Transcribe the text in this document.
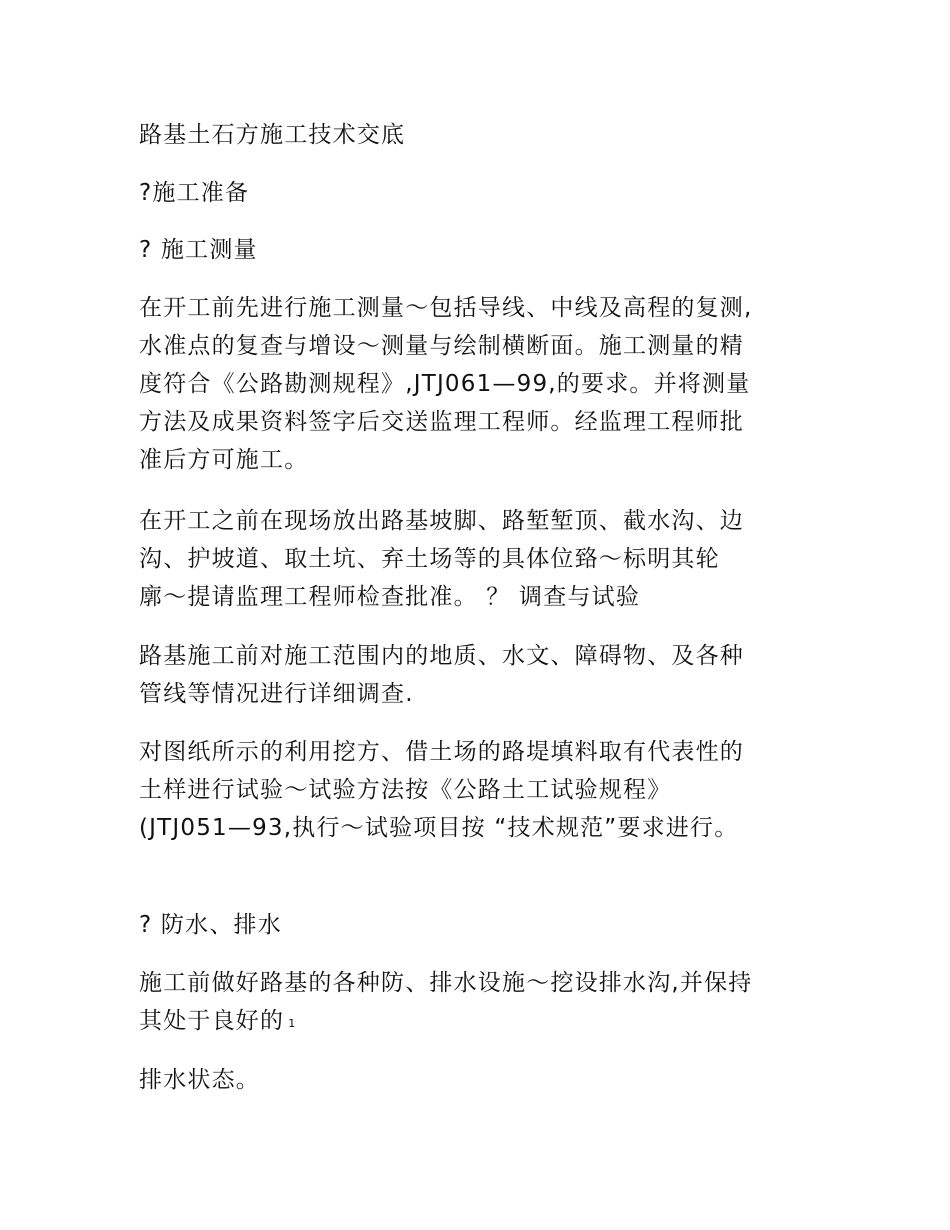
路基土石方施工技术交底
?施工准备
? 施工测量
在开工前先进行施工测量～包括导线、中线及高程的复测,
水准点的复查与增设～测量与绘制横断面。施工测量的精
度符合《公路勘测规程》,JTJ061—99,的要求。并将测量
方法及成果资料签字后交送监理工程师。经监理工程师批
准后方可施工。
在开工之前在现场放出路基坡脚、路堑堑顶、截水沟、边
沟、护坡道、取土坑、弃土场等的具体位臵～标明其轮
廓～提请监理工程师检查批准。 ？ 调查与试验
路基施工前对施工范围内的地质、水文、障碍物、及各种
管线等情况进行详细调查.
对图纸所示的利用挖方、借土场的路堤填料取有代表性的
土样进行试验～试验方法按《公路土工试验规程》
(JTJ051—93,执行～试验项目按 “技术规范”要求进行。
? 防水、排水
施工前做好路基的各种防、排水设施～挖设排水沟,并保持
其处于良好的 1
排水状态。
